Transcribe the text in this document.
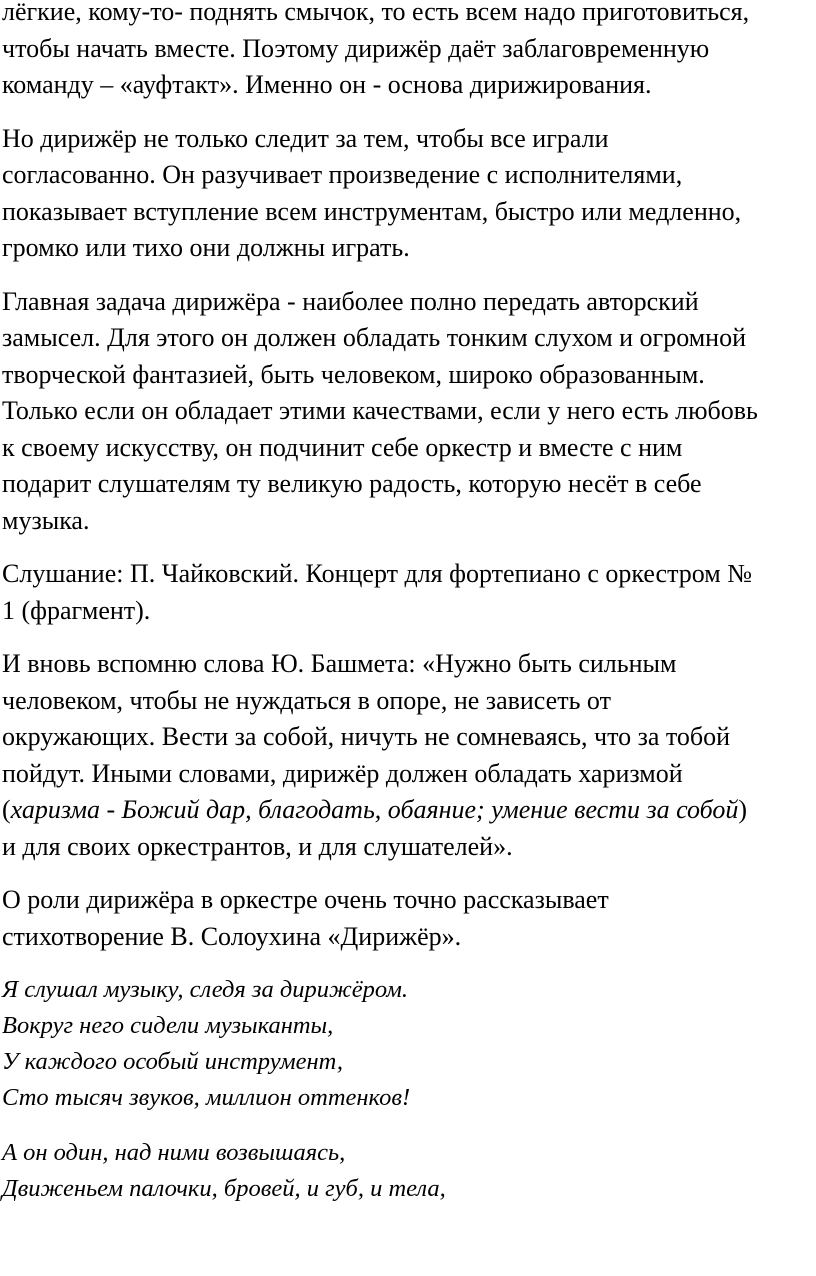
лёгкие, кому-то- поднять смычок, то есть всем надо приготовиться,
чтобы начать вместе. Поэтому дирижёр даёт заблаговременную
команду – «ауфтакт». Именно он - основа дирижирования.

Но дирижёр не только следит за тем, чтобы все играли
согласованно. Он разучивает произведение с исполнителями,
показывает вступление всем инструментам, быстро или медленно,
громко или тихо они должны играть.

Главная задача дирижёра - наиболее полно передать авторский
замысел. Для этого он должен обладать тонким слухом и огромной
творческой фантазией, быть человеком, широко образованным.
Только если он обладает этими качествами, если у него есть любовь
к своему искусству, он подчинит себе оркестр и вместе с ним
подарит слушателям ту великую радость, которую несёт в себе
музыка.

Слушание: П. Чайковский. Концерт для фортепиано с оркестром №
1 (фрагмент).

И вновь вспомню слова Ю. Башмета: «Нужно быть сильным
человеком, чтобы не нуждаться в опоре, не зависеть от
окружающих. Вести за собой, ничуть не сомневаясь, что за тобой
пойдут. Иными словами, дирижёр должен обладать харизмой
(харизма - Божий дар, благодать, обаяние; умение вести за собой)
и для своих оркестрантов, и для слушателей».

О роли дирижёра в оркестре очень точно рассказывает
стихотворение В. Солоухина «Дирижёр».

Я слушал музыку, следя за дирижёром.
Вокруг него сидели музыканты,
У каждого особый инструмент,
Сто тысяч звуков, миллион оттенков!
А он один, над ними возвышаясь,
Движеньем палочки, бровей, и губ, и тела,
